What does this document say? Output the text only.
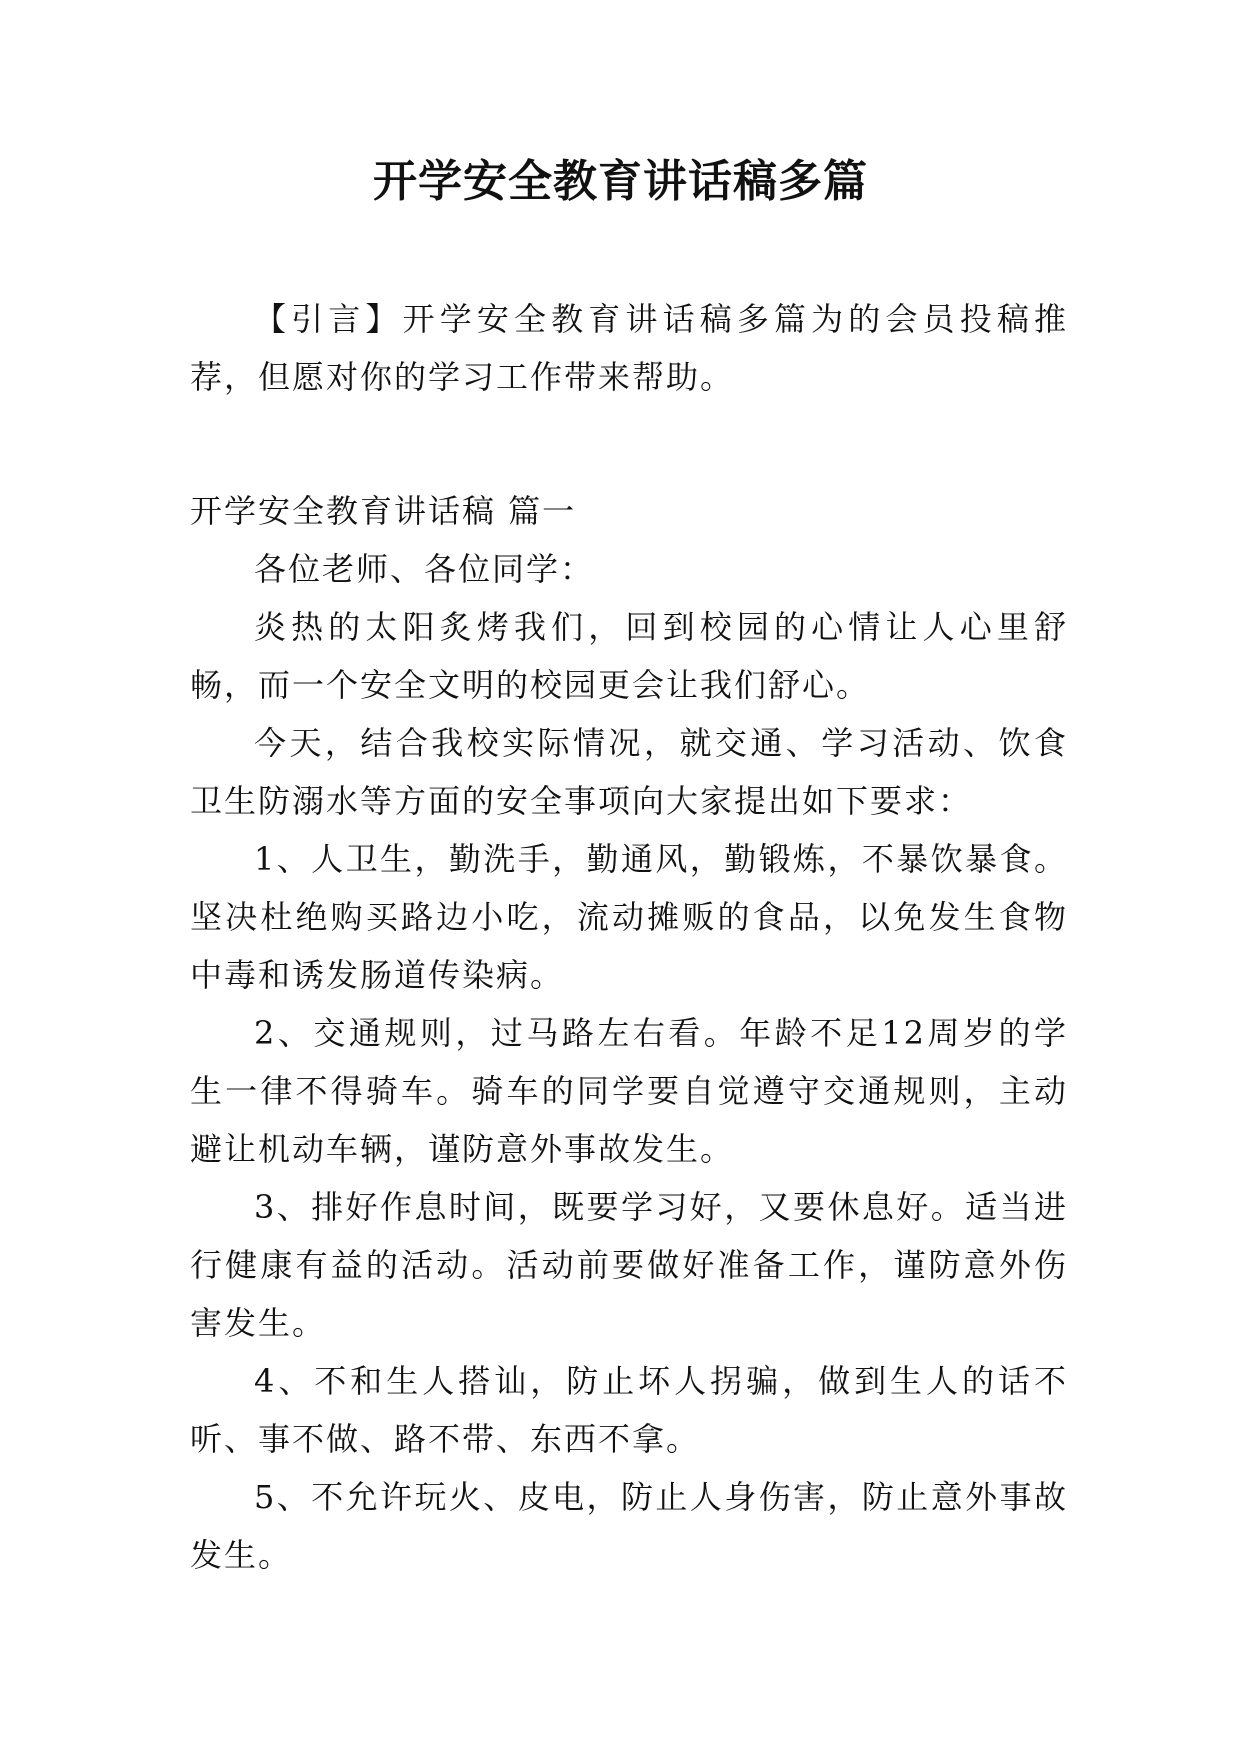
开学安全教育讲话稿多篇

【引言】开学安全教育讲话稿多篇为的会员投稿推荐，但愿对你的学习工作带来帮助。

开学安全教育讲话稿 篇一

各位老师、各位同学：

炎热的太阳炙烤我们，回到校园的心情让人心里舒畅，而一个安全文明的校园更会让我们舒心。

今天，结合我校实际情况，就交通、学习活动、饮食卫生防溺水等方面的安全事项向大家提出如下要求：

1、人卫生，勤洗手，勤通风，勤锻炼，不暴饮暴食。坚决杜绝购买路边小吃，流动摊贩的食品，以免发生食物中毒和诱发肠道传染病。

2、交通规则，过马路左右看。年龄不足12周岁的学生一律不得骑车。骑车的同学要自觉遵守交通规则，主动避让机动车辆，谨防意外事故发生。

3、排好作息时间，既要学习好，又要休息好。适当进行健康有益的活动。活动前要做好准备工作，谨防意外伤害发生。

4、不和生人搭讪，防止坏人拐骗，做到生人的话不听、事不做、路不带、东西不拿。

5、不允许玩火、皮电，防止人身伤害，防止意外事故发生。
